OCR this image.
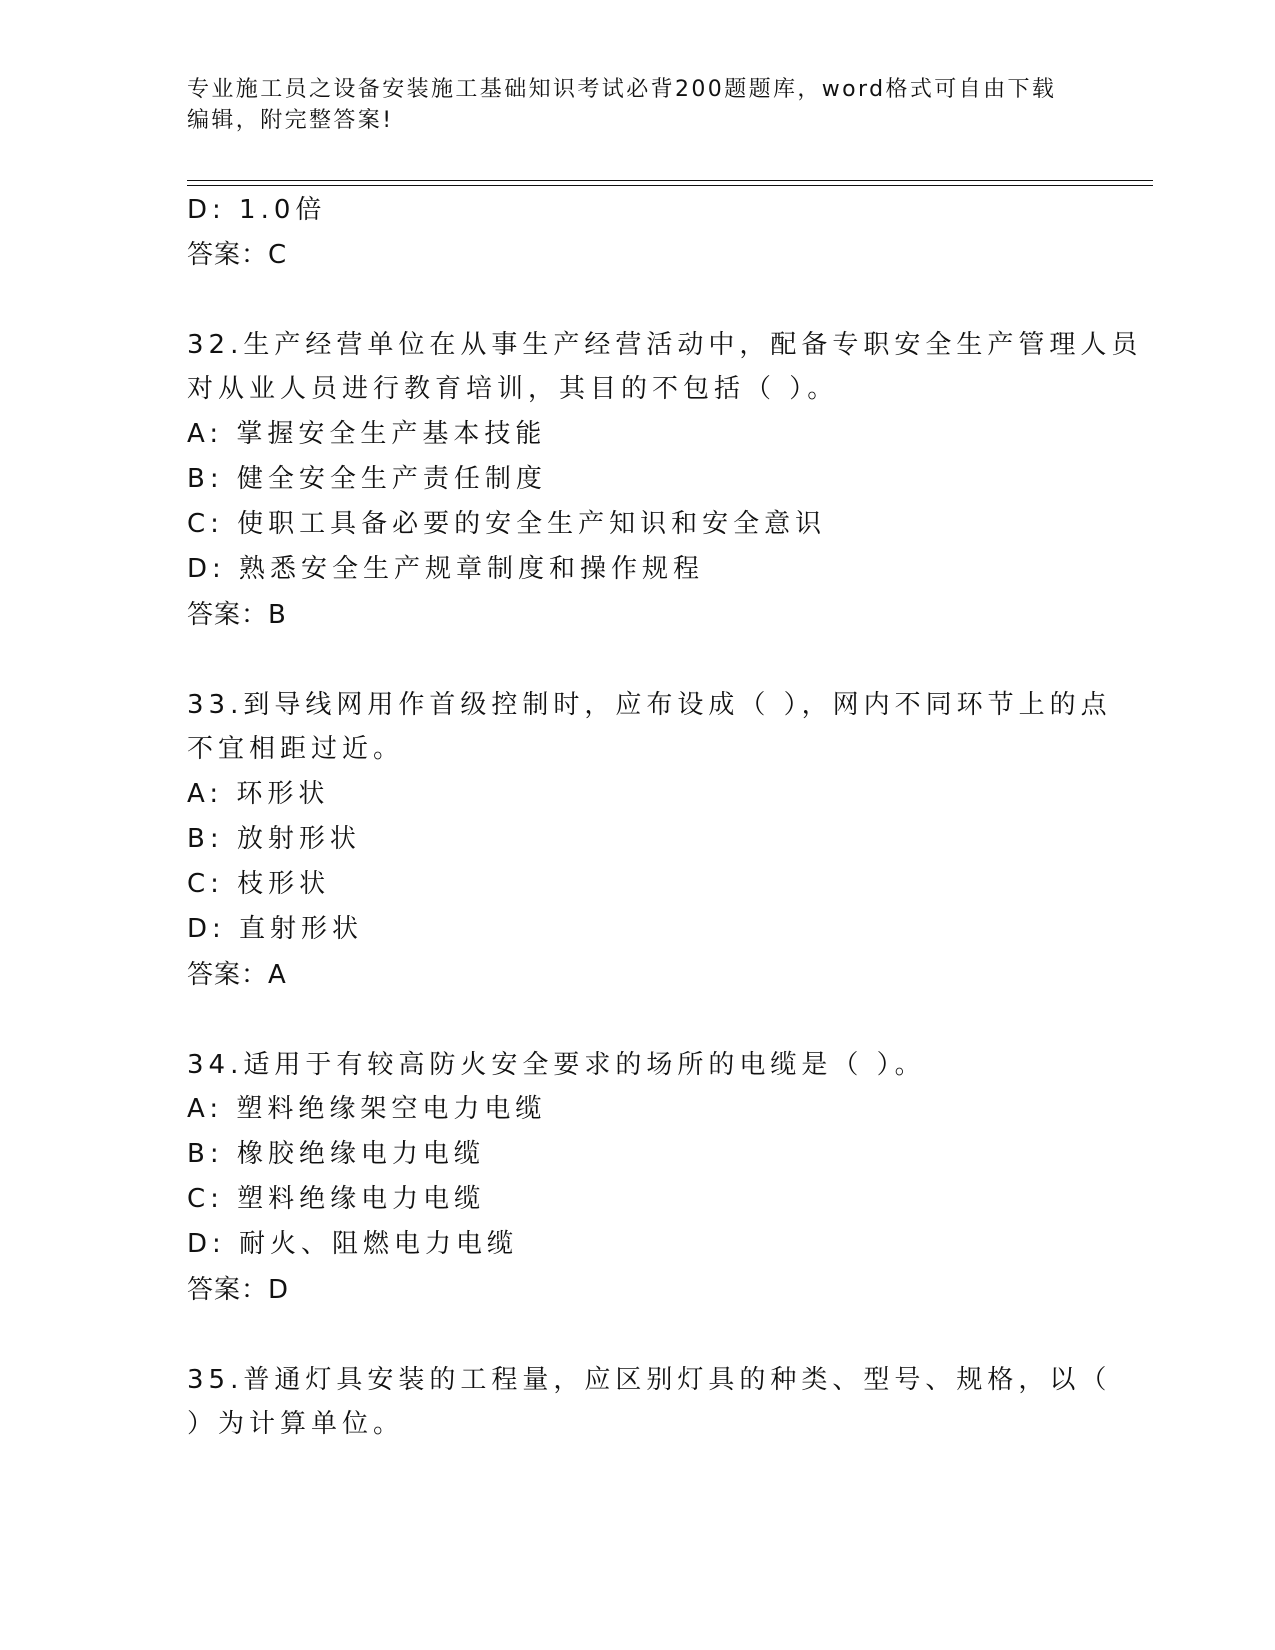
专业施工员之设备安装施工基础知识考试必背200题题库，word格式可自由下载
编辑，附完整答案!
D: 1.0倍
答案：C
32.生产经营单位在从事生产经营活动中，配备专职安全生产管理人员
对从业人员进行教育培训，其目的不包括（ ）。
A: 掌握安全生产基本技能
B: 健全安全生产责任制度
C: 使职工具备必要的安全生产知识和安全意识
D: 熟悉安全生产规章制度和操作规程
答案：B
33.到导线网用作首级控制时，应布设成（ ），网内不同环节上的点
不宜相距过近。
A: 环形状
B: 放射形状
C: 枝形状
D: 直射形状
答案：A
34.适用于有较高防火安全要求的场所的电缆是（ ）。
A: 塑料绝缘架空电力电缆
B: 橡胶绝缘电力电缆
C: 塑料绝缘电力电缆
D: 耐火、阻燃电力电缆
答案：D
35.普通灯具安装的工程量，应区别灯具的种类、型号、规格，以（
）为计算单位。
